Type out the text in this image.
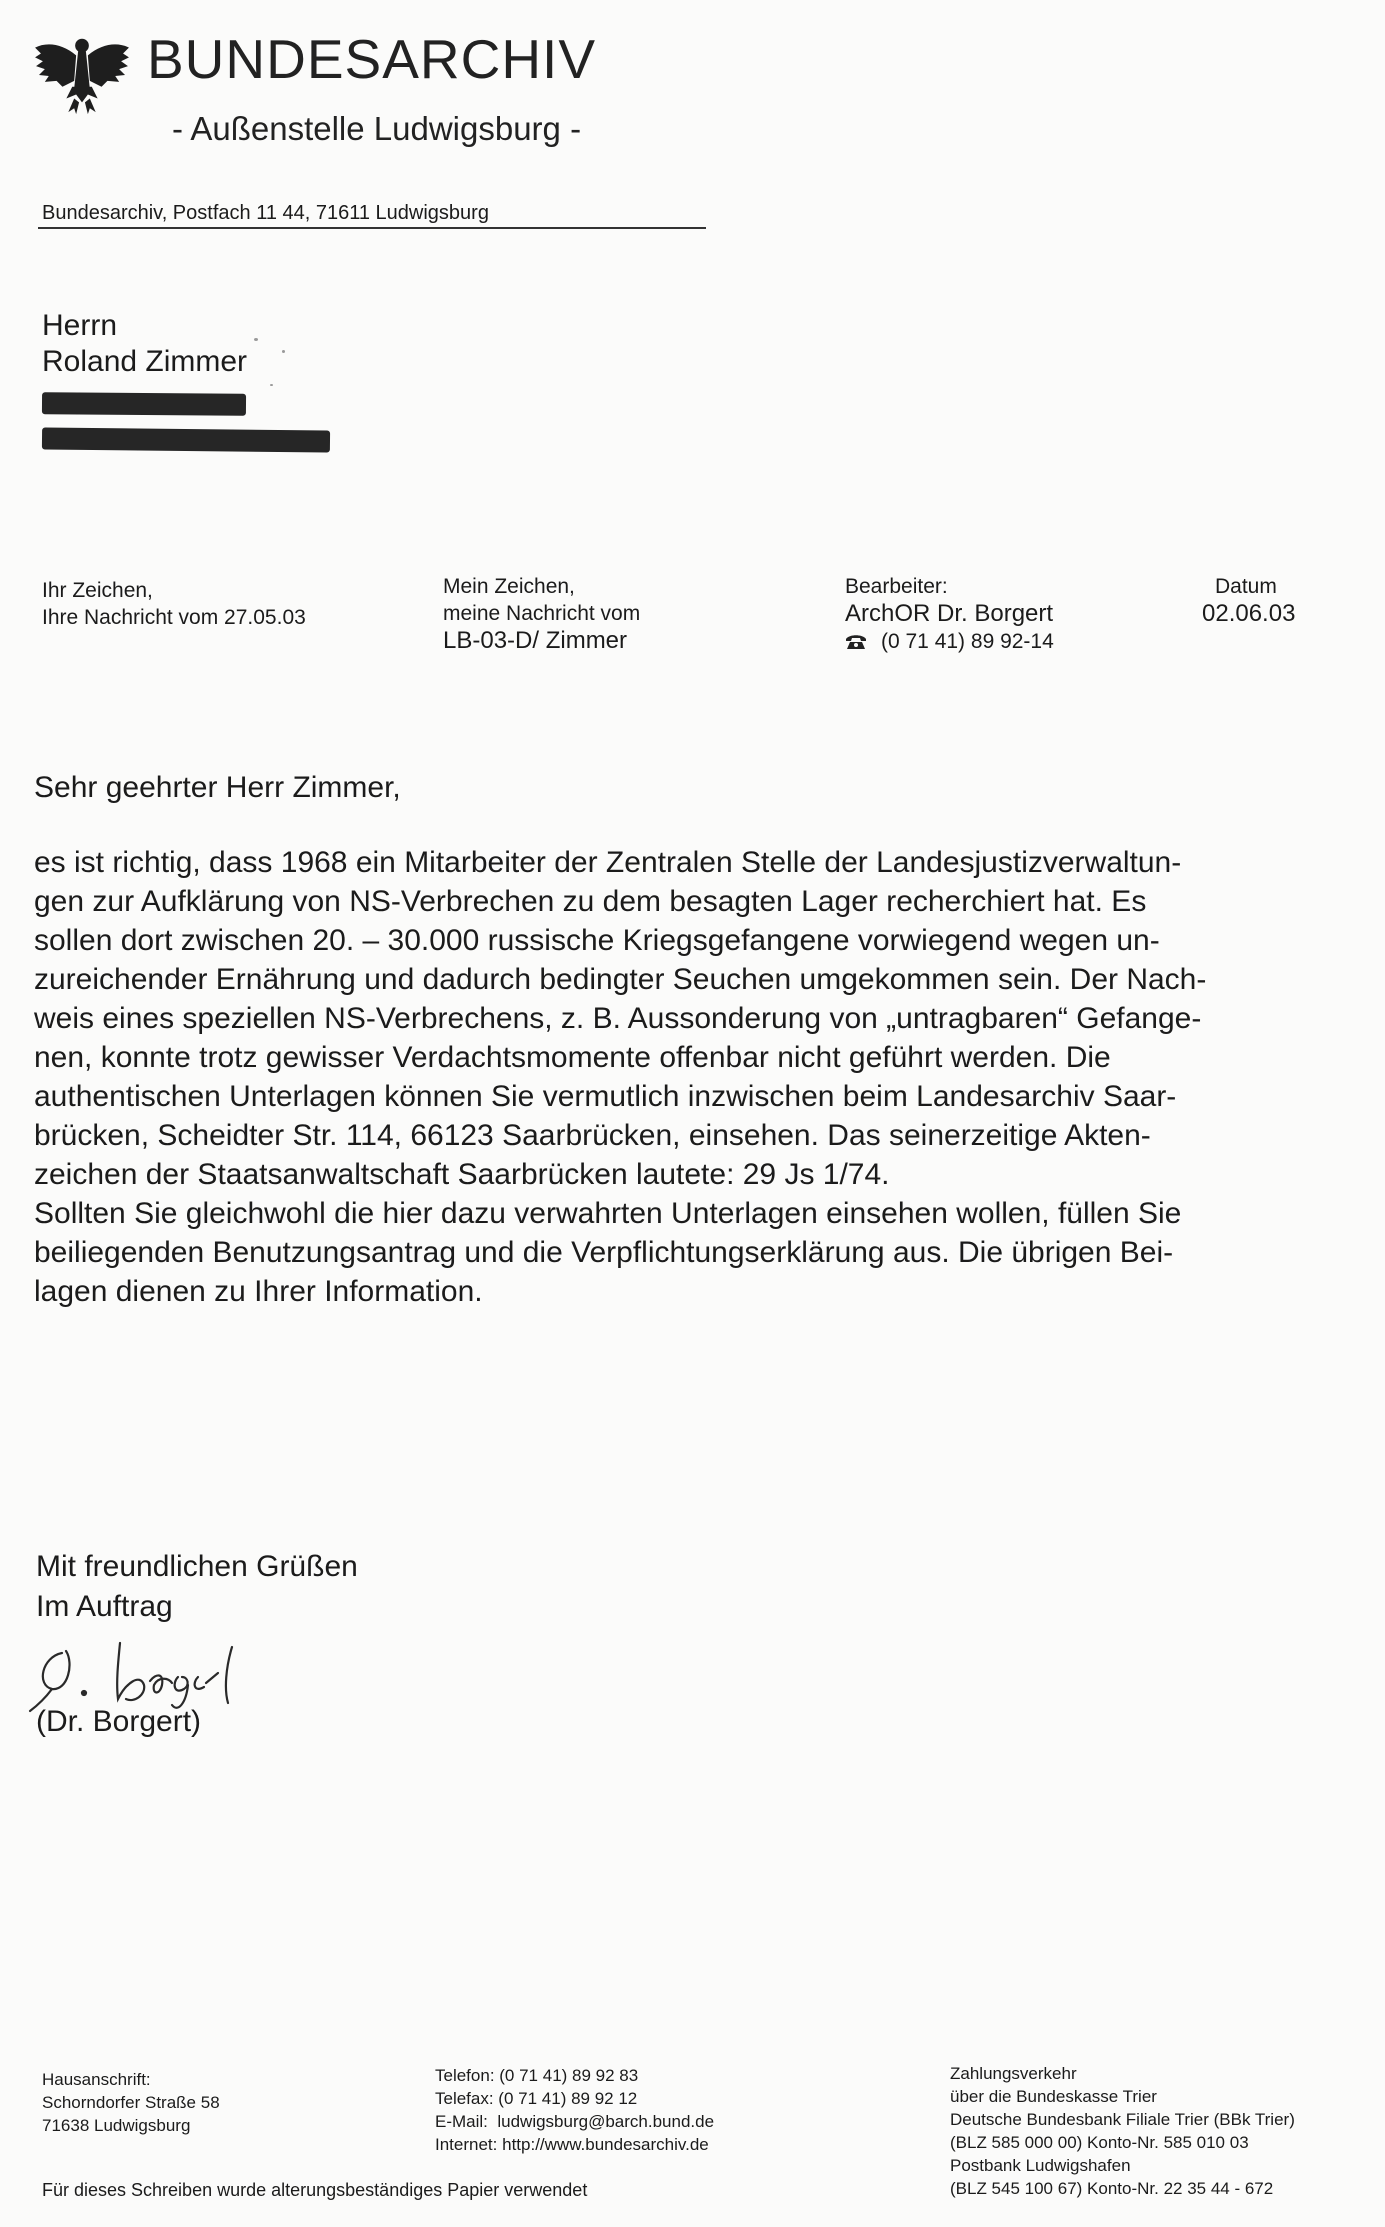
BUNDESARCHIV
- Außenstelle Ludwigsburg -
Bundesarchiv, Postfach 11 44, 71611 Ludwigsburg
Herrn
Roland Zimmer
Ihr Zeichen,
Ihre Nachricht vom 27.05.03
Mein Zeichen,
meine Nachricht vom
LB-03-D/ Zimmer
Bearbeiter:
ArchOR Dr. Borgert
(0 71 41) 89 92-14
Datum
02.06.03
Sehr geehrter Herr Zimmer,

es ist richtig, dass 1968 ein Mitarbeiter der Zentralen Stelle der Landesjustizverwaltun-

gen zur Aufklärung von NS-Verbrechen zu dem besagten Lager recherchiert hat. Es

sollen dort zwischen 20. – 30.000 russische Kriegsgefangene vorwiegend wegen un-

zureichender Ernährung und dadurch bedingter Seuchen umgekommen sein. Der Nach-

weis eines speziellen NS-Verbrechens, z. B. Aussonderung von „untragbaren“ Gefange-

nen, konnte trotz gewisser Verdachtsmomente offenbar nicht geführt werden. Die

authentischen Unterlagen können Sie vermutlich inzwischen beim Landesarchiv Saar-

brücken, Scheidter Str. 114, 66123 Saarbrücken, einsehen. Das seinerzeitige Akten-

zeichen der Staatsanwaltschaft Saarbrücken lautete: 29 Js 1/74.

Sollten Sie gleichwohl die hier dazu verwahrten Unterlagen einsehen wollen, füllen Sie

beiliegenden Benutzungsantrag und die Verpflichtungserklärung aus. Die übrigen Bei-

lagen dienen zu Ihrer Information.

Mit freundlichen Grüßen
Im Auftrag
(Dr. Borgert)
Hausanschrift:
Schorndorfer Straße 58
71638 Ludwigsburg
Telefon: (0 71 41) 89 92 83
Telefax: (0 71 41) 89 92 12
E-Mail: ludwigsburg@barch.bund.de
Internet: http://www.bundesarchiv.de
Zahlungsverkehr
über die Bundeskasse Trier
Deutsche Bundesbank Filiale Trier (BBk Trier)
(BLZ 585 000 00) Konto-Nr. 585 010 03
Postbank Ludwigshafen
(BLZ 545 100 67) Konto-Nr. 22 35 44 - 672
Für dieses Schreiben wurde alterungsbeständiges Papier verwendet
